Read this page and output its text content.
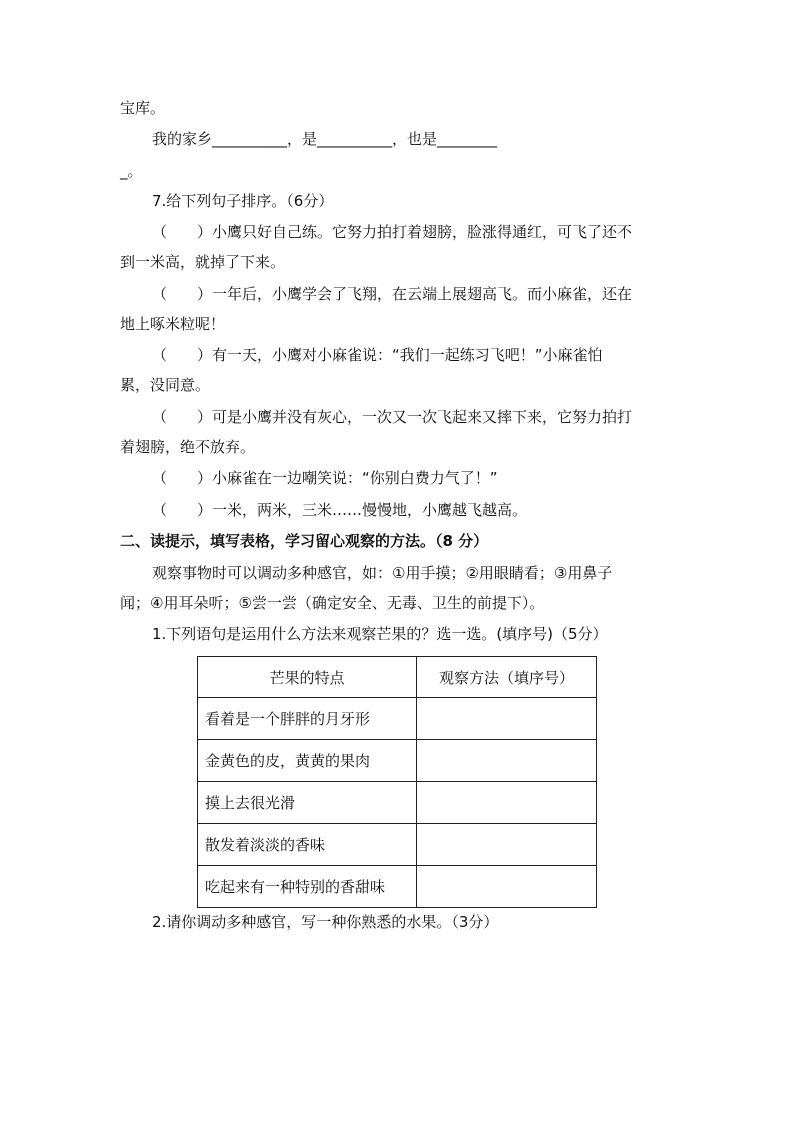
宝库。
我的家乡__________，是__________，也是________
_。
7.给下列句子排序。（6分）
（　　）小鹰只好自己练。它努力拍打着翅膀，脸涨得通红，可飞了还不
到一米高，就掉了下来。
（　　）一年后，小鹰学会了飞翔，在云端上展翅高飞。而小麻雀，还在
地上啄米粒呢！
（　　）有一天，小鹰对小麻雀说：“我们一起练习飞吧！”小麻雀怕
累，没同意。
（　　）可是小鹰并没有灰心，一次又一次飞起来又摔下来，它努力拍打
着翅膀，绝不放弃。
（　　）小麻雀在一边嘲笑说：“你别白费力气了！”
（　　）一米，两米，三米……慢慢地，小鹰越飞越高。
二、读提示，填写表格，学习留心观察的方法。（8 分）
观察事物时可以调动多种感官，如：①用手摸；②用眼睛看；③用鼻子
闻；④用耳朵听；⑤尝一尝（确定安全、无毒、卫生的前提下）。
1.下列语句是运用什么方法来观察芒果的？选一选。(填序号)（5分）
芒果的特点	观察方法（填序号）
看着是一个胖胖的月牙形	
金黄色的皮，黄黄的果肉	
摸上去很光滑	
散发着淡淡的香味	
吃起来有一种特别的香甜味	
2.请你调动多种感官，写一种你熟悉的水果。（3分）
